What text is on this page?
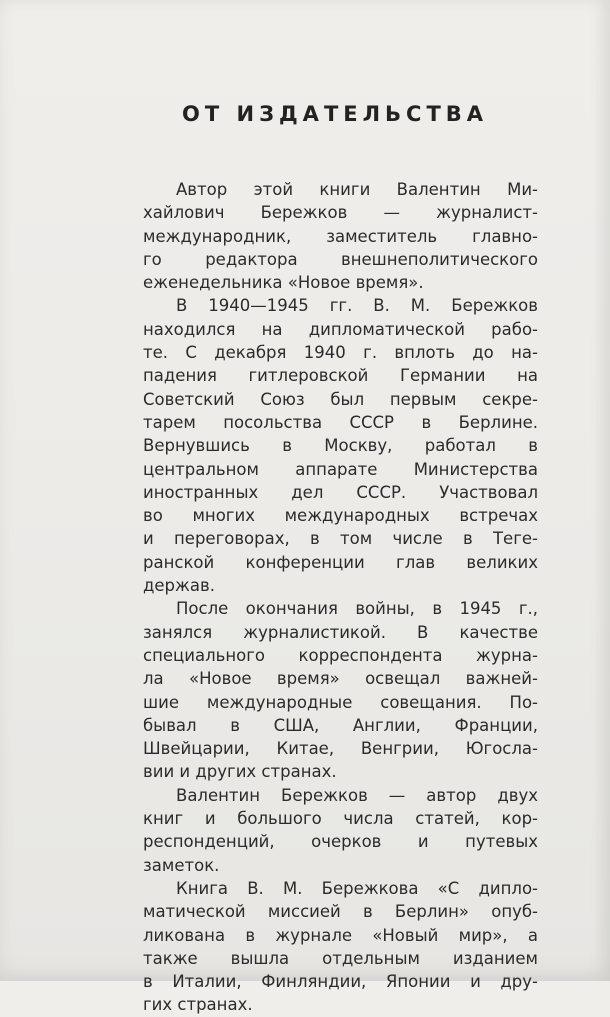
ОТ ИЗДАТЕЛЬСТВА
Автор этой книги Валентин Ми-
хайлович Бережков — журналист-
международник, заместитель главно-
го редактора внешнеполитического
еженедельника «Новое время».
В 1940—1945 гг. В. М. Бережков
находился на дипломатической рабо-
те. С декабря 1940 г. вплоть до на-
падения гитлеровской Германии на
Советский Союз был первым секре-
тарем посольства СССР в Берлине.
Вернувшись в Москву, работал в
центральном аппарате Министерства
иностранных дел СССР. Участвовал
во многих международных встречах
и переговорах, в том числе в Теге-
ранской конференции глав великих
держав.
После окончания войны, в 1945 г.,
занялся журналистикой. В качестве
специального корреспондента журна-
ла «Новое время» освещал важней-
шие международные совещания. По-
бывал в США, Англии, Франции,
Швейцарии, Китае, Венгрии, Югосла-
вии и других странах.
Валентин Бережков — автор двух
книг и большого числа статей, кор-
респонденций, очерков и путевых
заметок.
Книга В. М. Бережкова «С дипло-
матической миссией в Берлин» опуб-
ликована в журнале «Новый мир», а
также вышла отдельным изданием
в Италии, Финляндии, Японии и дру-
гих странах.
